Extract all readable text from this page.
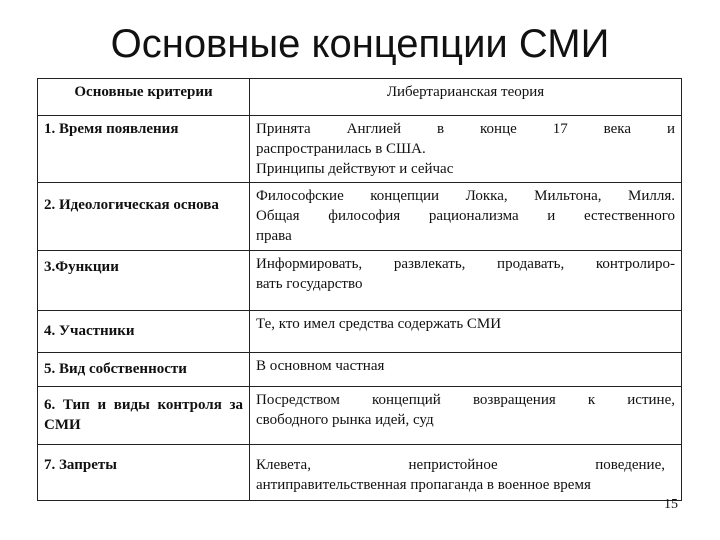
Основные концепции СМИ
Основные критерии	Либертарианская теория
1. Время появления	Принята Англией в конце 17 века и
распространилась в США.
Принципы действуют и сейчас

2. Идеологическая основа	Философские концепции Локка, Мильтона, Милля.
Общая философия рационализма и естественного
права

3.Функции	Информировать, развлекать, продавать, контролиро-
вать государство

4. Участники	Те, кто имел средства содержать СМИ

5. Вид собственности	В основном частная

6. Тип и виды контроля за СМИ	Посредством концепций возвращения к истине,
свободного рынка идей, суд

7. Запреты	Клевета, непристойное поведение,
антиправительственная пропаганда в военное время
15
